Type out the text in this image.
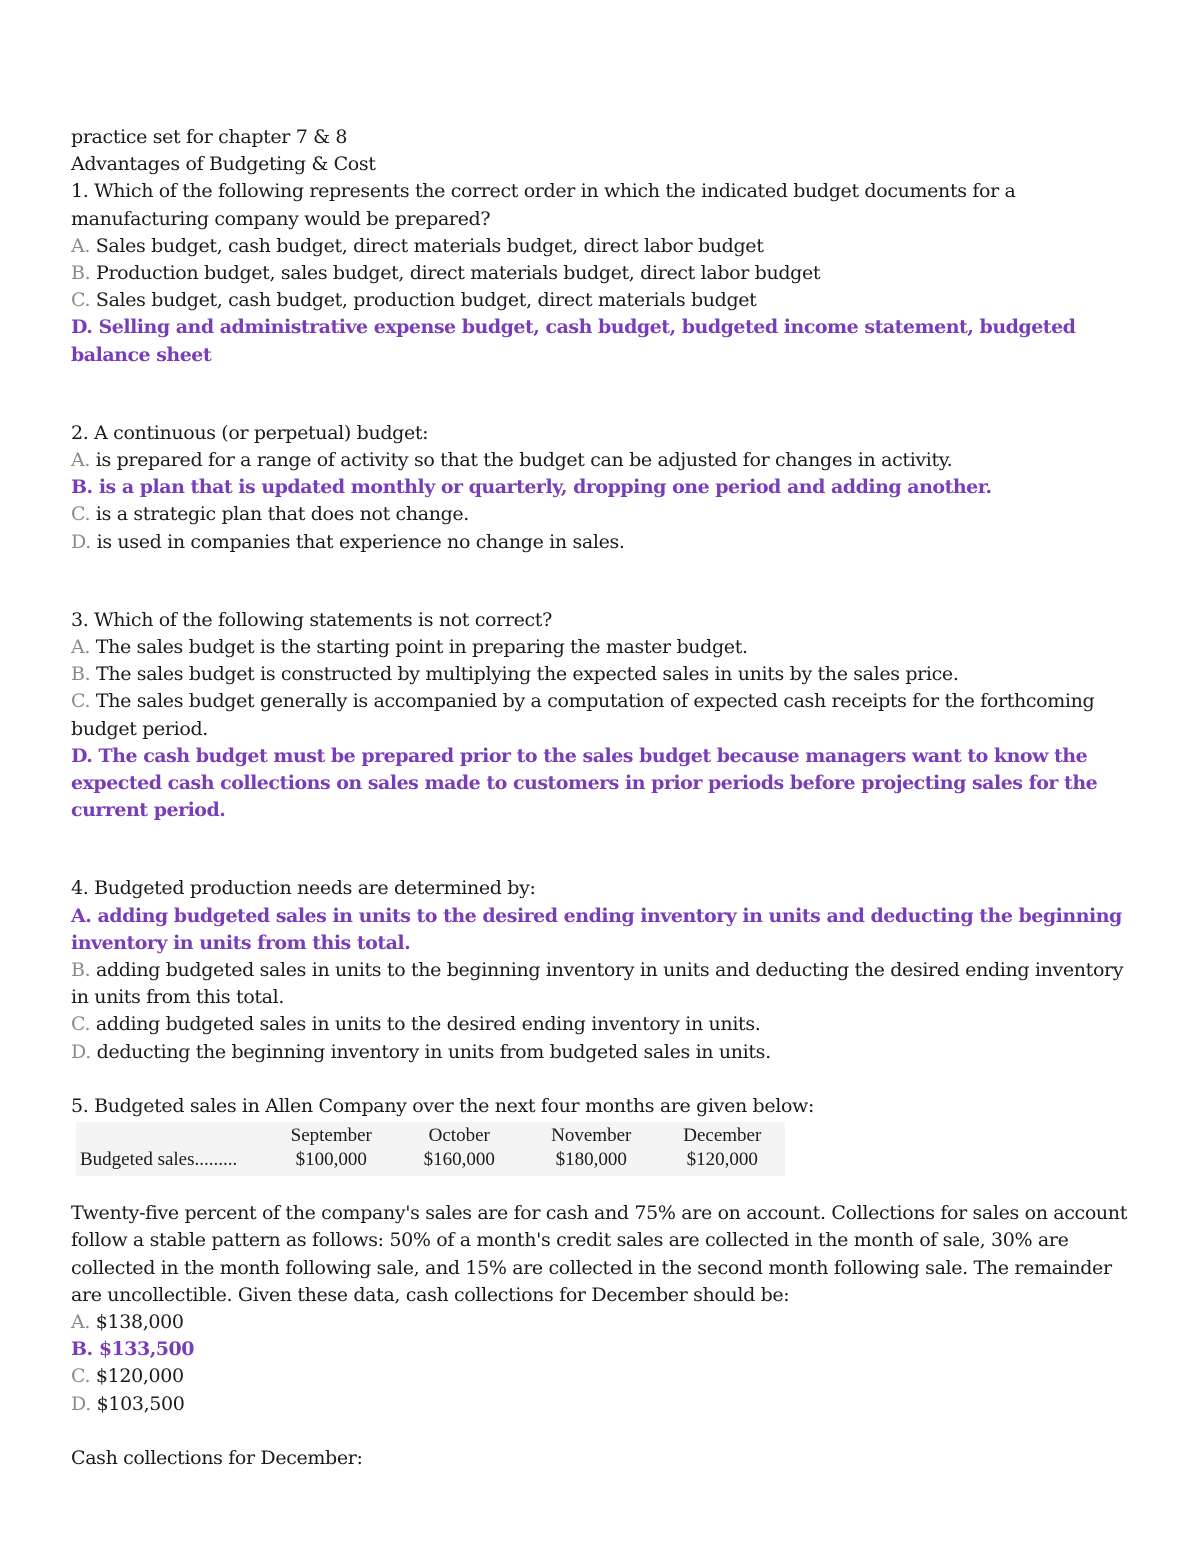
practice set for chapter 7 & 8

Advantages of Budgeting & Cost

1. Which of the following represents the correct order in which the indicated budget documents for a manufacturing company would be prepared?

A. Sales budget, cash budget, direct materials budget, direct labor budget

B. Production budget, sales budget, direct materials budget, direct labor budget

C. Sales budget, cash budget, production budget, direct materials budget

D. Selling and administrative expense budget, cash budget, budgeted income statement, budgeted balance sheet

2. A continuous (or perpetual) budget:

A. is prepared for a range of activity so that the budget can be adjusted for changes in activity.

B. is a plan that is updated monthly or quarterly, dropping one period and adding another.

C. is a strategic plan that does not change.

D. is used in companies that experience no change in sales.

3. Which of the following statements is not correct?

A. The sales budget is the starting point in preparing the master budget.

B. The sales budget is constructed by multiplying the expected sales in units by the sales price.

C. The sales budget generally is accompanied by a computation of expected cash receipts for the forthcoming budget period.

D. The cash budget must be prepared prior to the sales budget because managers want to know the expected cash collections on sales made to customers in prior periods before projecting sales for the current period.

4. Budgeted production needs are determined by:

A. adding budgeted sales in units to the desired ending inventory in units and deducting the beginning inventory in units from this total.

B. adding budgeted sales in units to the beginning inventory in units and deducting the desired ending inventory in units from this total.

C. adding budgeted sales in units to the desired ending inventory in units.

D. deducting the beginning inventory in units from budgeted sales in units.

5. Budgeted sales in Allen Company over the next four months are given below:

	September	October	November	December
Budgeted sales.........	$100,000	$160,000	$180,000	$120,000

Twenty-five percent of the company's sales are for cash and 75% are on account. Collections for sales on account follow a stable pattern as follows: 50% of a month's credit sales are collected in the month of sale, 30% are collected in the month following sale, and 15% are collected in the second month following sale. The remainder are uncollectible. Given these data, cash collections for December should be:

A. $138,000

B. $133,500

C. $120,000

D. $103,500

Cash collections for December:
